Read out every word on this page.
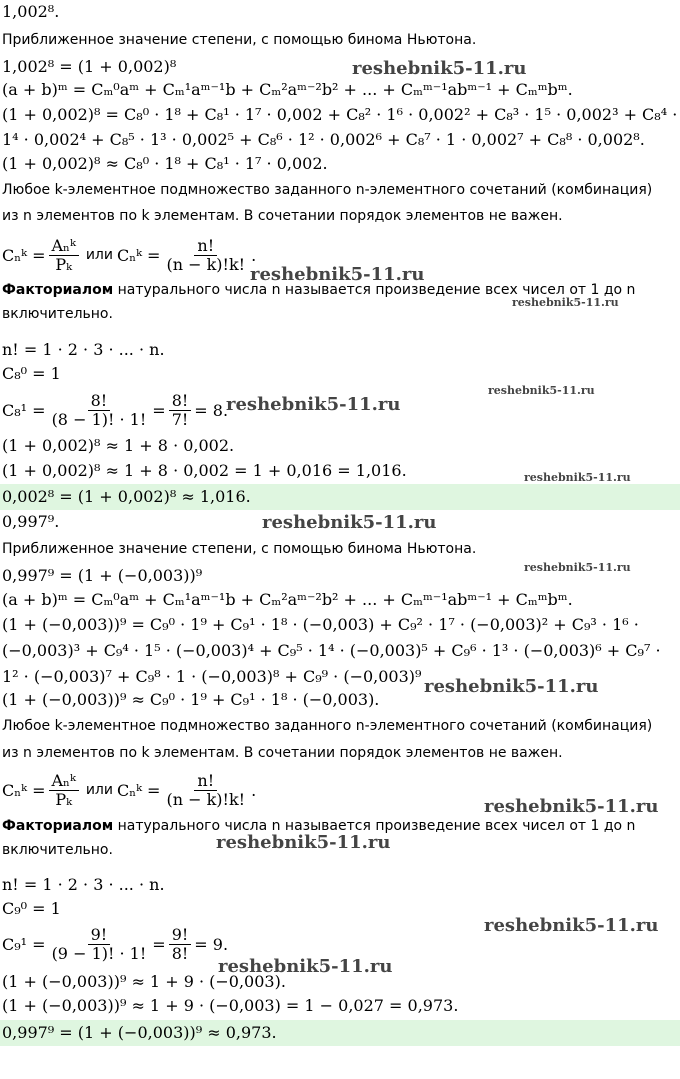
1,002⁸.
Приближенное значение степени, с помощью бинома Ньютона.
1,002⁸ = (1 + 0,002)⁸
(a + b)ᵐ = Cₘ⁰aᵐ + Cₘ¹aᵐ⁻¹b + Cₘ²aᵐ⁻²b² + ... + Cₘᵐ⁻¹abᵐ⁻¹ + Cₘᵐbᵐ.
(1 + 0,002)⁸ = C₈⁰ · 1⁸ + C₈¹ · 1⁷ · 0,002 + C₈² · 1⁶ · 0,002² + C₈³ · 1⁵ · 0,002³ + C₈⁴ ·
1⁴ · 0,002⁴ + C₈⁵ · 1³ · 0,002⁵ + C₈⁶ · 1² · 0,002⁶ + C₈⁷ · 1 · 0,002⁷ + C₈⁸ · 0,002⁸.
(1 + 0,002)⁸ ≈ C₈⁰ · 1⁸ + C₈¹ · 1⁷ · 0,002.
Любое k-элементное подмножество заданного n-элементного сочетаний (комбинация)
из n элементов по k элементам. В сочетании порядок элементов не важен.
Cₙᵏ = $\frac{\text{Aₙᵏ}}{\text{Pₖ}}$ или Cₙᵏ = $\frac{n!}{(n - k)!k!}$ .
Факториалом натурального числа n называется произведение всех чисел от 1 до n
включительно.
n! = 1 · 2 · 3 · ... · n.
C₈⁰ = 1
$C_8^1 = \frac{8!}{(8 - 1)! \cdot 1!} = \frac{8!}{7!} = 8$.
(1 + 0,002)⁸ ≈ 1 + 8 · 0,002.
(1 + 0,002)⁸ ≈ 1 + 8 · 0,002 = 1 + 0,016 = 1,016.
0,002⁸ = (1 + 0,002)⁸ ≈ 1,016.
0,997⁹.
Приближенное значение степени, с помощью бинома Ньютона.
0,997⁹ = (1 + (−0,003))⁹
(a + b)ᵐ = Cₘ⁰aᵐ + Cₘ¹aᵐ⁻¹b + Cₘ²aᵐ⁻²b² + ... + Cₘᵐ⁻¹abᵐ⁻¹ + Cₘᵐbᵐ.
(1 + (−0,003))⁹ = C₉⁰ · 1⁹ + C₉¹ · 1⁸ · (−0,003) + C₉² · 1⁷ · (−0,003)² + C₉³ · 1⁶ ·
(−0,003)³ + C₉⁴ · 1⁵ · (−0,003)⁴ + C₉⁵ · 1⁴ · (−0,003)⁵ + C₉⁶ · 1³ · (−0,003)⁶ + C₉⁷ ·
1² · (−0,003)⁷ + C₉⁸ · 1 · (−0,003)⁸ + C₉⁹ · (−0,003)⁹
(1 + (−0,003))⁹ ≈ C₉⁰ · 1⁹ + C₉¹ · 1⁸ · (−0,003).
Любое k-элементное подмножество заданного n-элементного сочетаний (комбинация)
из n элементов по k элементам. В сочетании порядок элементов не важен.
Cₙᵏ = $\frac{\text{Aₙᵏ}}{\text{Pₖ}}$ или Cₙᵏ = $\frac{n!}{(n - k)!k!}$ .
Факториалом натурального числа n называется произведение всех чисел от 1 до n
включительно.
n! = 1 · 2 · 3 · ... · n.
C₉⁰ = 1
$C_9^1 = \frac{9!}{(9 - 1)! \cdot 1!} = \frac{9!}{8!} = 9$.
(1 + (−0,003))⁹ ≈ 1 + 9 · (−0,003).
(1 + (−0,003))⁹ ≈ 1 + 9 · (−0,003) = 1 − 0,027 = 0,973.
0,997⁹ = (1 + (−0,003))⁹ ≈ 0,973.
reshebnik5-11.ru
reshebnik5-11.ru
reshebnik5-11.ru
reshebnik5-11.ru
reshebnik5-11.ru
reshebnik5-11.ru
reshebnik5-11.ru
reshebnik5-11.ru
reshebnik5-11.ru
reshebnik5-11.ru
reshebnik5-11.ru
reshebnik5-11.ru
reshebnik5-11.ru
